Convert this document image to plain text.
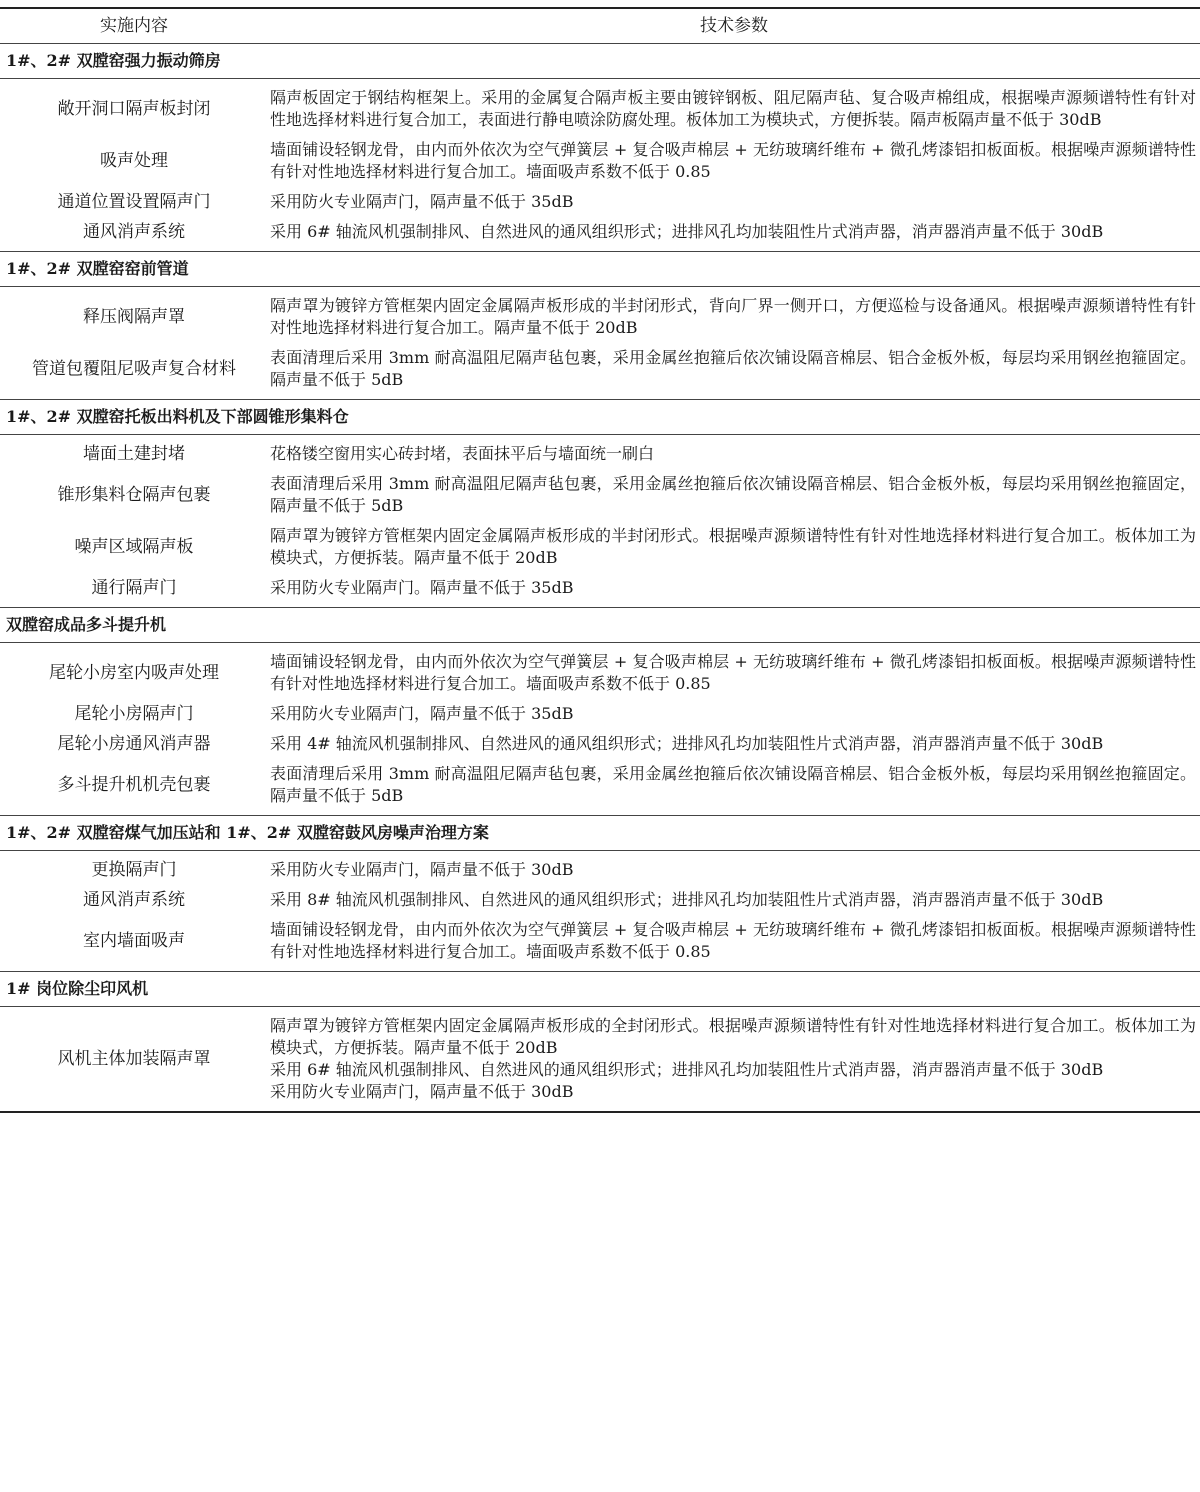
实施内容	技术参数
1#、2# 双膛窑强力振动筛房	
敞开洞口隔声板封闭	隔声板固定于钢结构框架上。采用的金属复合隔声板主要由镀锌钢板、阻尼隔声毡、复合吸声棉组成，根据噪声源频谱特性有针对性地选择材料进行复合加工，表面进行静电喷涂防腐处理。板体加工为模块式，方便拆装。隔声板隔声量不低于 30dB

吸声处理	墙面铺设轻钢龙骨，由内而外依次为空气弹簧层 + 复合吸声棉层 + 无纺玻璃纤维布 + 微孔烤漆铝扣板面板。根据噪声源频谱特性有针对性地选择材料进行复合加工。墙面吸声系数不低于 0.85

通道位置设置隔声门	采用防火专业隔声门，隔声量不低于 35dB

通风消声系统	采用 6# 轴流风机强制排风、自然进风的通风组织形式；进排风孔均加装阻性片式消声器，消声器消声量不低于 30dB

1#、2# 双膛窑窑前管道	
释压阀隔声罩	隔声罩为镀锌方管框架内固定金属隔声板形成的半封闭形式，背向厂界一侧开口，方便巡检与设备通风。根据噪声源频谱特性有针对性地选择材料进行复合加工。隔声量不低于 20dB

管道包覆阻尼吸声复合材料	表面清理后采用 3mm 耐高温阻尼隔声毡包裹，采用金属丝抱箍后依次铺设隔音棉层、铝合金板外板，每层均采用钢丝抱箍固定。隔声量不低于 5dB

1#、2# 双膛窑托板出料机及下部圆锥形集料仓	
墙面土建封堵	花格镂空窗用实心砖封堵，表面抹平后与墙面统一刷白

锥形集料仓隔声包裹	表面清理后采用 3mm 耐高温阻尼隔声毡包裹，采用金属丝抱箍后依次铺设隔音棉层、铝合金板外板，每层均采用钢丝抱箍固定，隔声量不低于 5dB

噪声区域隔声板	隔声罩为镀锌方管框架内固定金属隔声板形成的半封闭形式。根据噪声源频谱特性有针对性地选择材料进行复合加工。板体加工为模块式，方便拆装。隔声量不低于 20dB

通行隔声门	采用防火专业隔声门。隔声量不低于 35dB

双膛窑成品多斗提升机	
尾轮小房室内吸声处理	墙面铺设轻钢龙骨，由内而外依次为空气弹簧层 + 复合吸声棉层 + 无纺玻璃纤维布 + 微孔烤漆铝扣板面板。根据噪声源频谱特性有针对性地选择材料进行复合加工。墙面吸声系数不低于 0.85

尾轮小房隔声门	采用防火专业隔声门，隔声量不低于 35dB

尾轮小房通风消声器	采用 4# 轴流风机强制排风、自然进风的通风组织形式；进排风孔均加装阻性片式消声器，消声器消声量不低于 30dB

多斗提升机机壳包裹	表面清理后采用 3mm 耐高温阻尼隔声毡包裹，采用金属丝抱箍后依次铺设隔音棉层、铝合金板外板，每层均采用钢丝抱箍固定。隔声量不低于 5dB

1#、2# 双膛窑煤气加压站和 1#、2# 双膛窑鼓风房噪声治理方案	
更换隔声门	采用防火专业隔声门，隔声量不低于 30dB

通风消声系统	采用 8# 轴流风机强制排风、自然进风的通风组织形式；进排风孔均加装阻性片式消声器，消声器消声量不低于 30dB

室内墙面吸声	墙面铺设轻钢龙骨，由内而外依次为空气弹簧层 + 复合吸声棉层 + 无纺玻璃纤维布 + 微孔烤漆铝扣板面板。根据噪声源频谱特性有针对性地选择材料进行复合加工。墙面吸声系数不低于 0.85

1# 岗位除尘印风机	
风机主体加装隔声罩	隔声罩为镀锌方管框架内固定金属隔声板形成的全封闭形式。根据噪声源频谱特性有针对性地选择材料进行复合加工。板体加工为模块式，方便拆装。隔声量不低于 20dB
采用 6# 轴流风机强制排风、自然进风的通风组织形式；进排风孔均加装阻性片式消声器，消声器消声量不低于 30dB
采用防火专业隔声门，隔声量不低于 30dB
